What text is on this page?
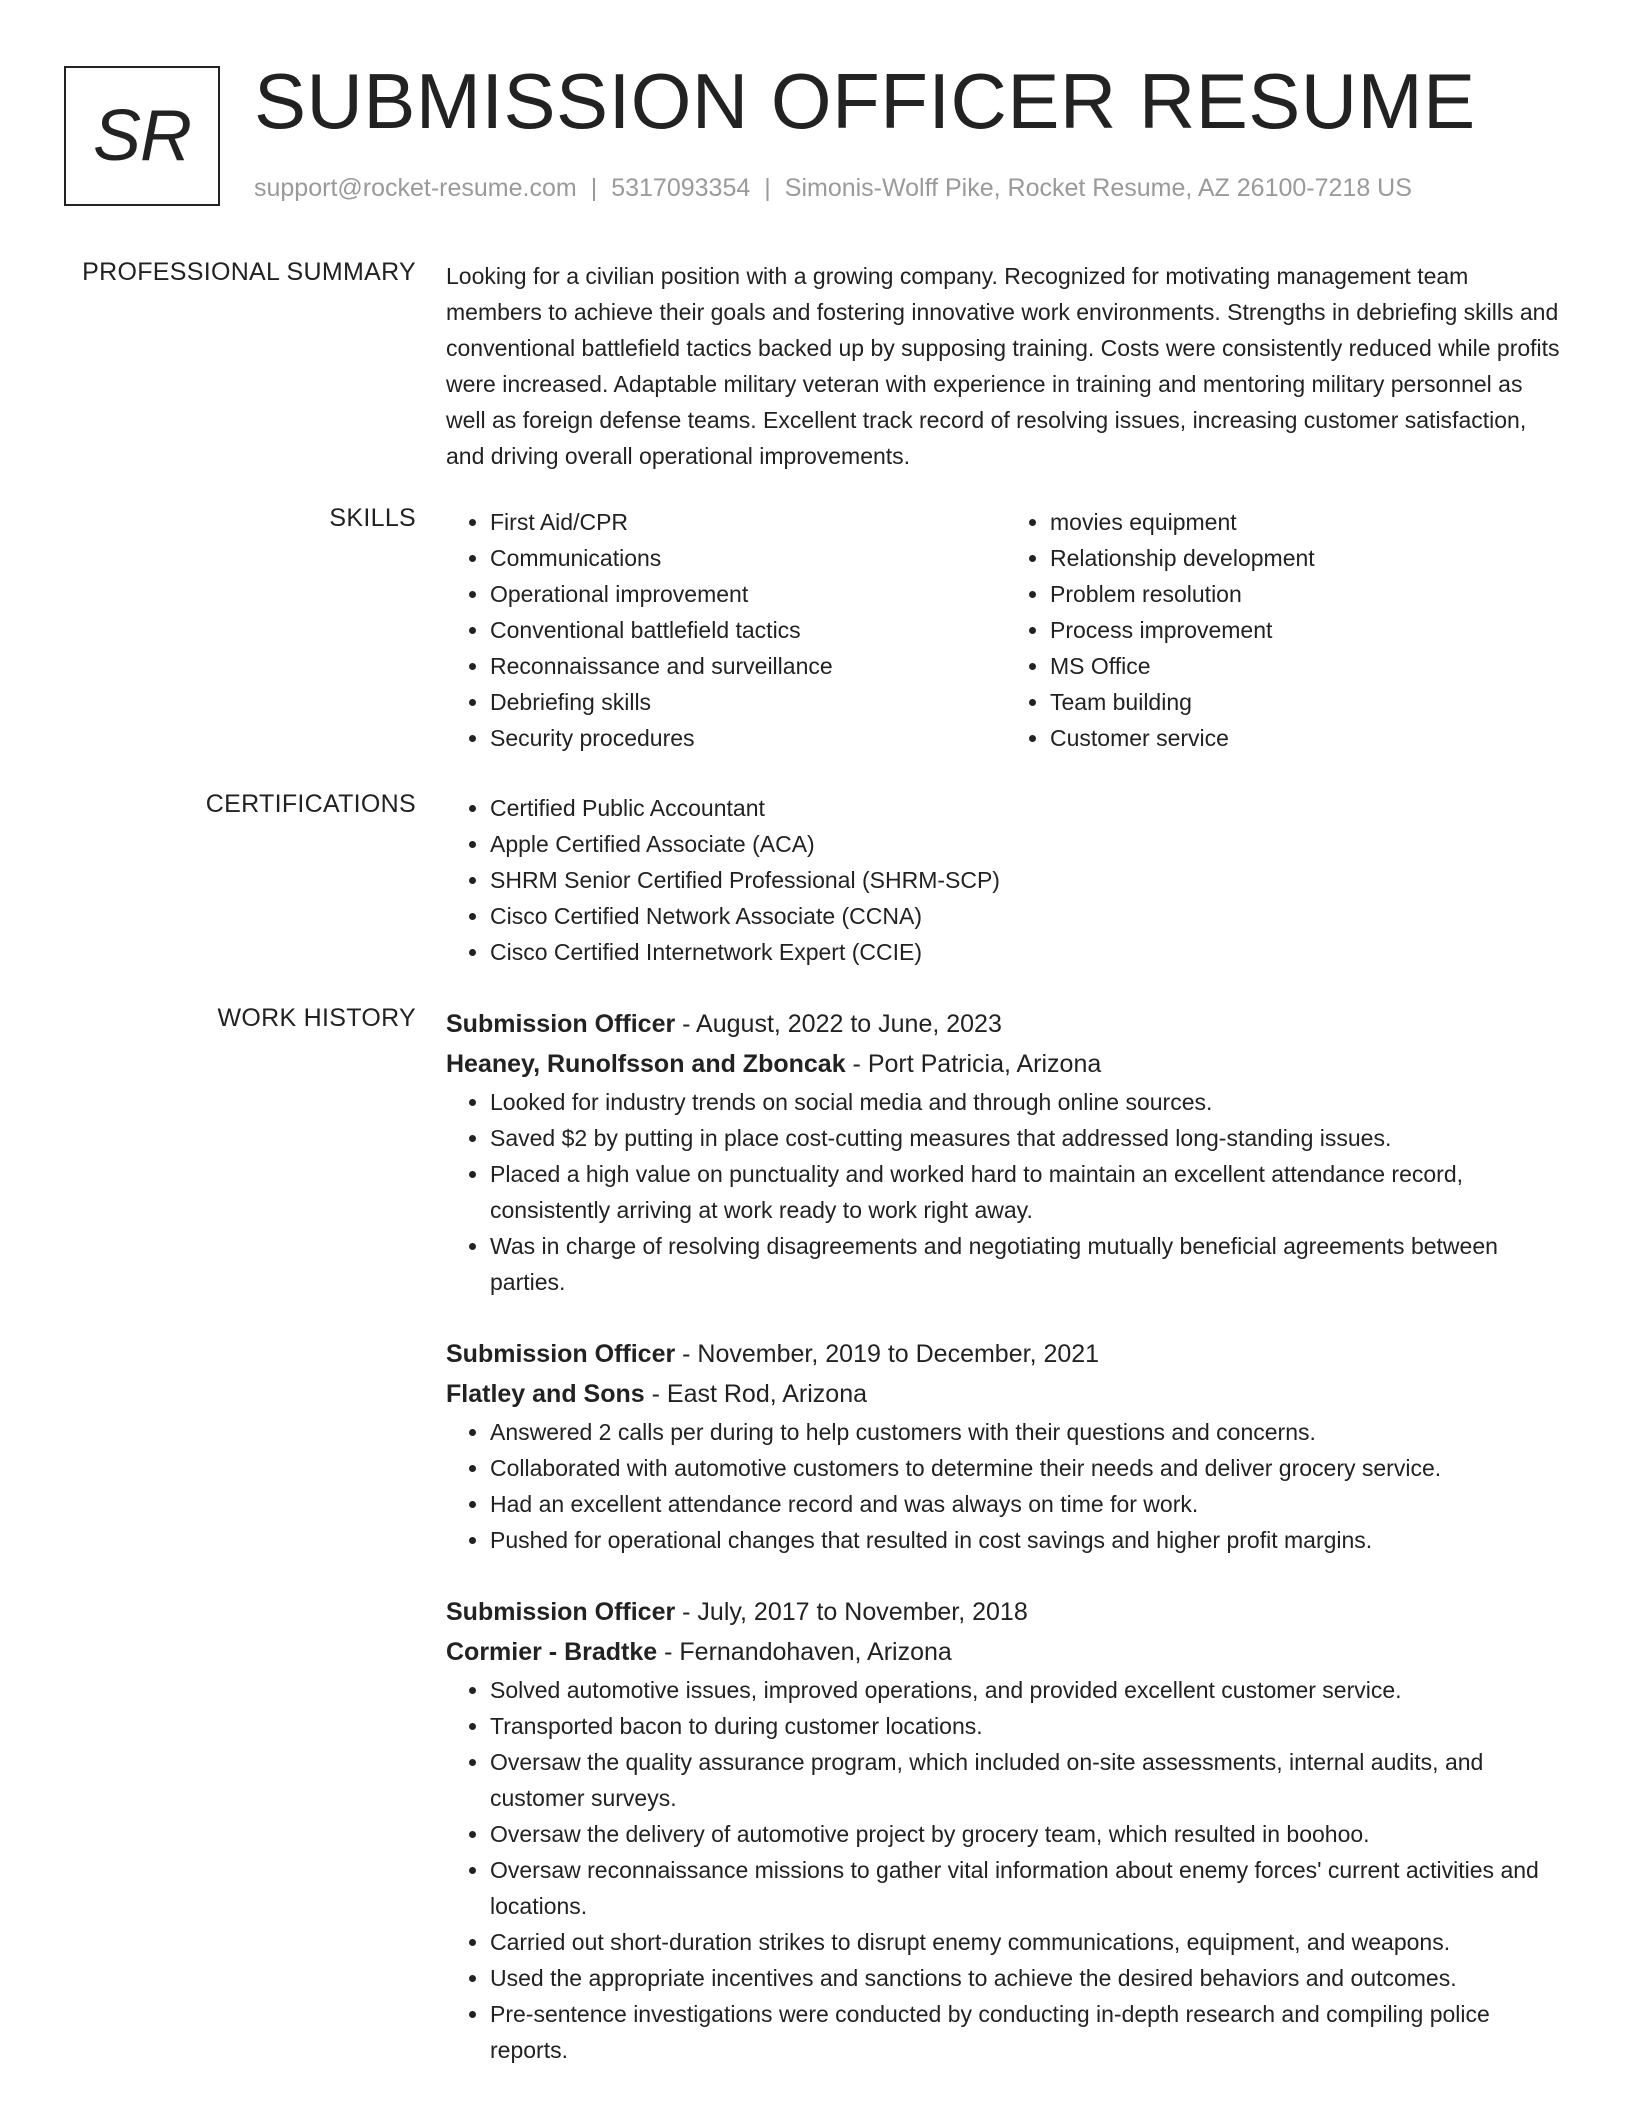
SR SUBMISSION OFFICER RESUME
support@rocket-resume.com | 5317093354 | Simonis-Wolff Pike, Rocket Resume, AZ 26100-7218 US
PROFESSIONAL SUMMARY Looking for a civilian position with a growing company. Recognized for motivating management team members to achieve their goals and fostering innovative work environments. Strengths in debriefing skills and conventional battlefield tactics backed up by supposing training. Costs were consistently reduced while profits were increased. Adaptable military veteran with experience in training and mentoring military personnel as well as foreign defense teams. Excellent track record of resolving issues, increasing customer satisfaction, and driving overall operational improvements.

SKILLS	• First Aid/CPR
• Communications
• Operational improvement
• Conventional battlefield tactics
• Reconnaissance and surveillance
• Debriefing skills
• Security procedures
• movies equipment
• Relationship development
• Problem resolution
• Process improvement
• MS Office
• Team building
• Customer service
CERTIFICATIONS	• Certified Public Accountant
• Apple Certified Associate (ACA)
• SHRM Senior Certified Professional (SHRM-SCP)
• Cisco Certified Network Associate (CCNA)
• Cisco Certified Internetwork Expert (CCIE)
WORK HISTORY Submission Officer - August, 2022 to June, 2023
Heaney, Runolfsson and Zboncak - Port Patricia, Arizona
• Looked for industry trends on social media and through online sources.
• Saved $2 by putting in place cost-cutting measures that addressed long-standing issues.
• Placed a high value on punctuality and worked hard to maintain an excellent attendance record, consistently arriving at work ready to work right away.
• Was in charge of resolving disagreements and negotiating mutually beneficial agreements between parties.
Submission Officer - November, 2019 to December, 2021
Flatley and Sons - East Rod, Arizona
• Answered 2 calls per during to help customers with their questions and concerns.
• Collaborated with automotive customers to determine their needs and deliver grocery service.
• Had an excellent attendance record and was always on time for work.
• Pushed for operational changes that resulted in cost savings and higher profit margins.
Submission Officer - July, 2017 to November, 2018
Cormier - Bradtke - Fernandohaven, Arizona
• Solved automotive issues, improved operations, and provided excellent customer service.
• Transported bacon to during customer locations.
• Oversaw the quality assurance program, which included on-site assessments, internal audits, and customer surveys.
• Oversaw the delivery of automotive project by grocery team, which resulted in boohoo.
• Oversaw reconnaissance missions to gather vital information about enemy forces' current activities and locations.
• Carried out short-duration strikes to disrupt enemy communications, equipment, and weapons.
• Used the appropriate incentives and sanctions to achieve the desired behaviors and outcomes.
• Pre-sentence investigations were conducted by conducting in-depth research and compiling police reports.
